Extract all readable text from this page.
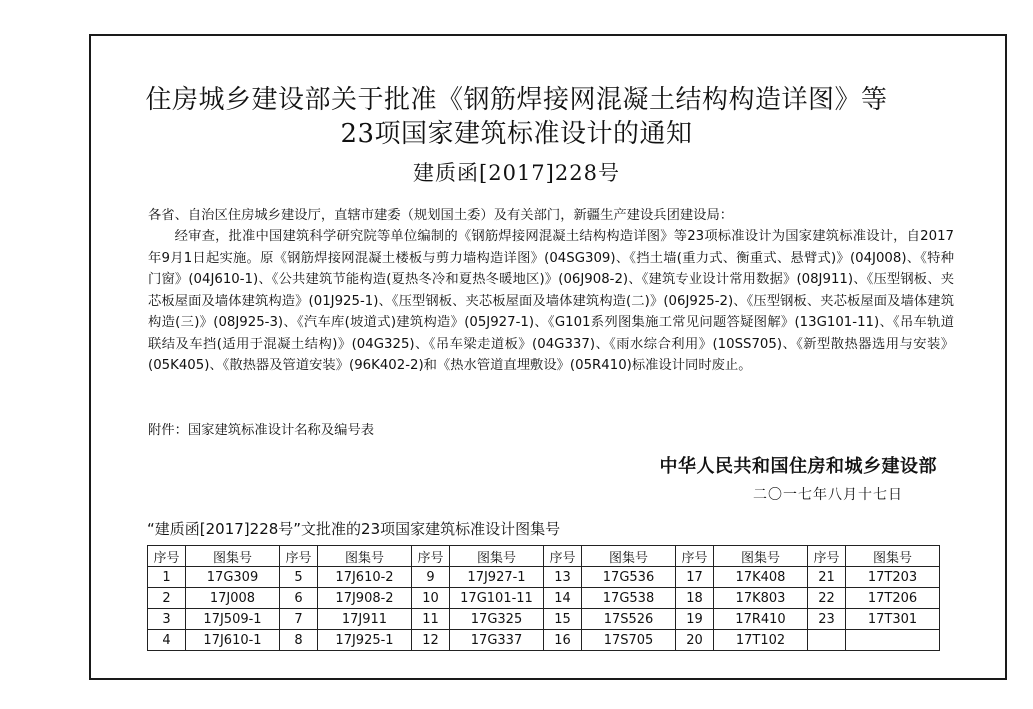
住房城乡建设部关于批准《钢筋焊接网混凝土结构构造详图》等
23项国家建筑标准设计的通知
建质函[2017]228号
各省、自治区住房城乡建设厅，直辖市建委（规划国土委）及有关部门，新疆生产建设兵团建设局：
经审查，批准中国建筑科学研究院等单位编制的《钢筋焊接网混凝土结构构造详图》等23项标准设计为国家建筑标准设计，自2017年9月1日起实施。原《钢筋焊接网混凝土楼板与剪力墙构造详图》(04SG309)、《挡土墙(重力式、衡重式、悬臂式)》(04J008)、《特种门窗》(04J610-1)、《公共建筑节能构造(夏热冬冷和夏热冬暖地区)》(06J908-2)、《建筑专业设计常用数据》(08J911)、《压型钢板、夹芯板屋面及墙体建筑构造》(01J925-1)、《压型钢板、夹芯板屋面及墙体建筑构造(二)》(06J925-2)、《压型钢板、夹芯板屋面及墙体建筑构造(三)》(08J925-3)、《汽车库(坡道式)建筑构造》(05J927-1)、《G101系列图集施工常见问题答疑图解》(13G101-11)、《吊车轨道联结及车挡(适用于混凝土结构)》(04G325)、《吊车梁走道板》(04G337)、《雨水综合利用》(10SS705)、《新型散热器选用与安装》(05K405)、《散热器及管道安装》(96K402-2)和《热水管道直埋敷设》(05R410)标准设计同时废止。
附件：国家建筑标准设计名称及编号表
中华人民共和国住房和城乡建设部
二〇一七年八月十七日
“建质函[2017]228号”文批准的23项国家建筑标准设计图集号
序号	图集号	序号	图集号	序号	图集号	序号	图集号	序号	图集号	序号	图集号
1	17G309	5	17J610-2	9	17J927-1	13	17G536	17	17K408	21	17T203
2	17J008	6	17J908-2	10	17G101-11	14	17G538	18	17K803	22	17T206
3	17J509-1	7	17J911	11	17G325	15	17S526	19	17R410	23	17T301
4	17J610-1	8	17J925-1	12	17G337	16	17S705	20	17T102		
